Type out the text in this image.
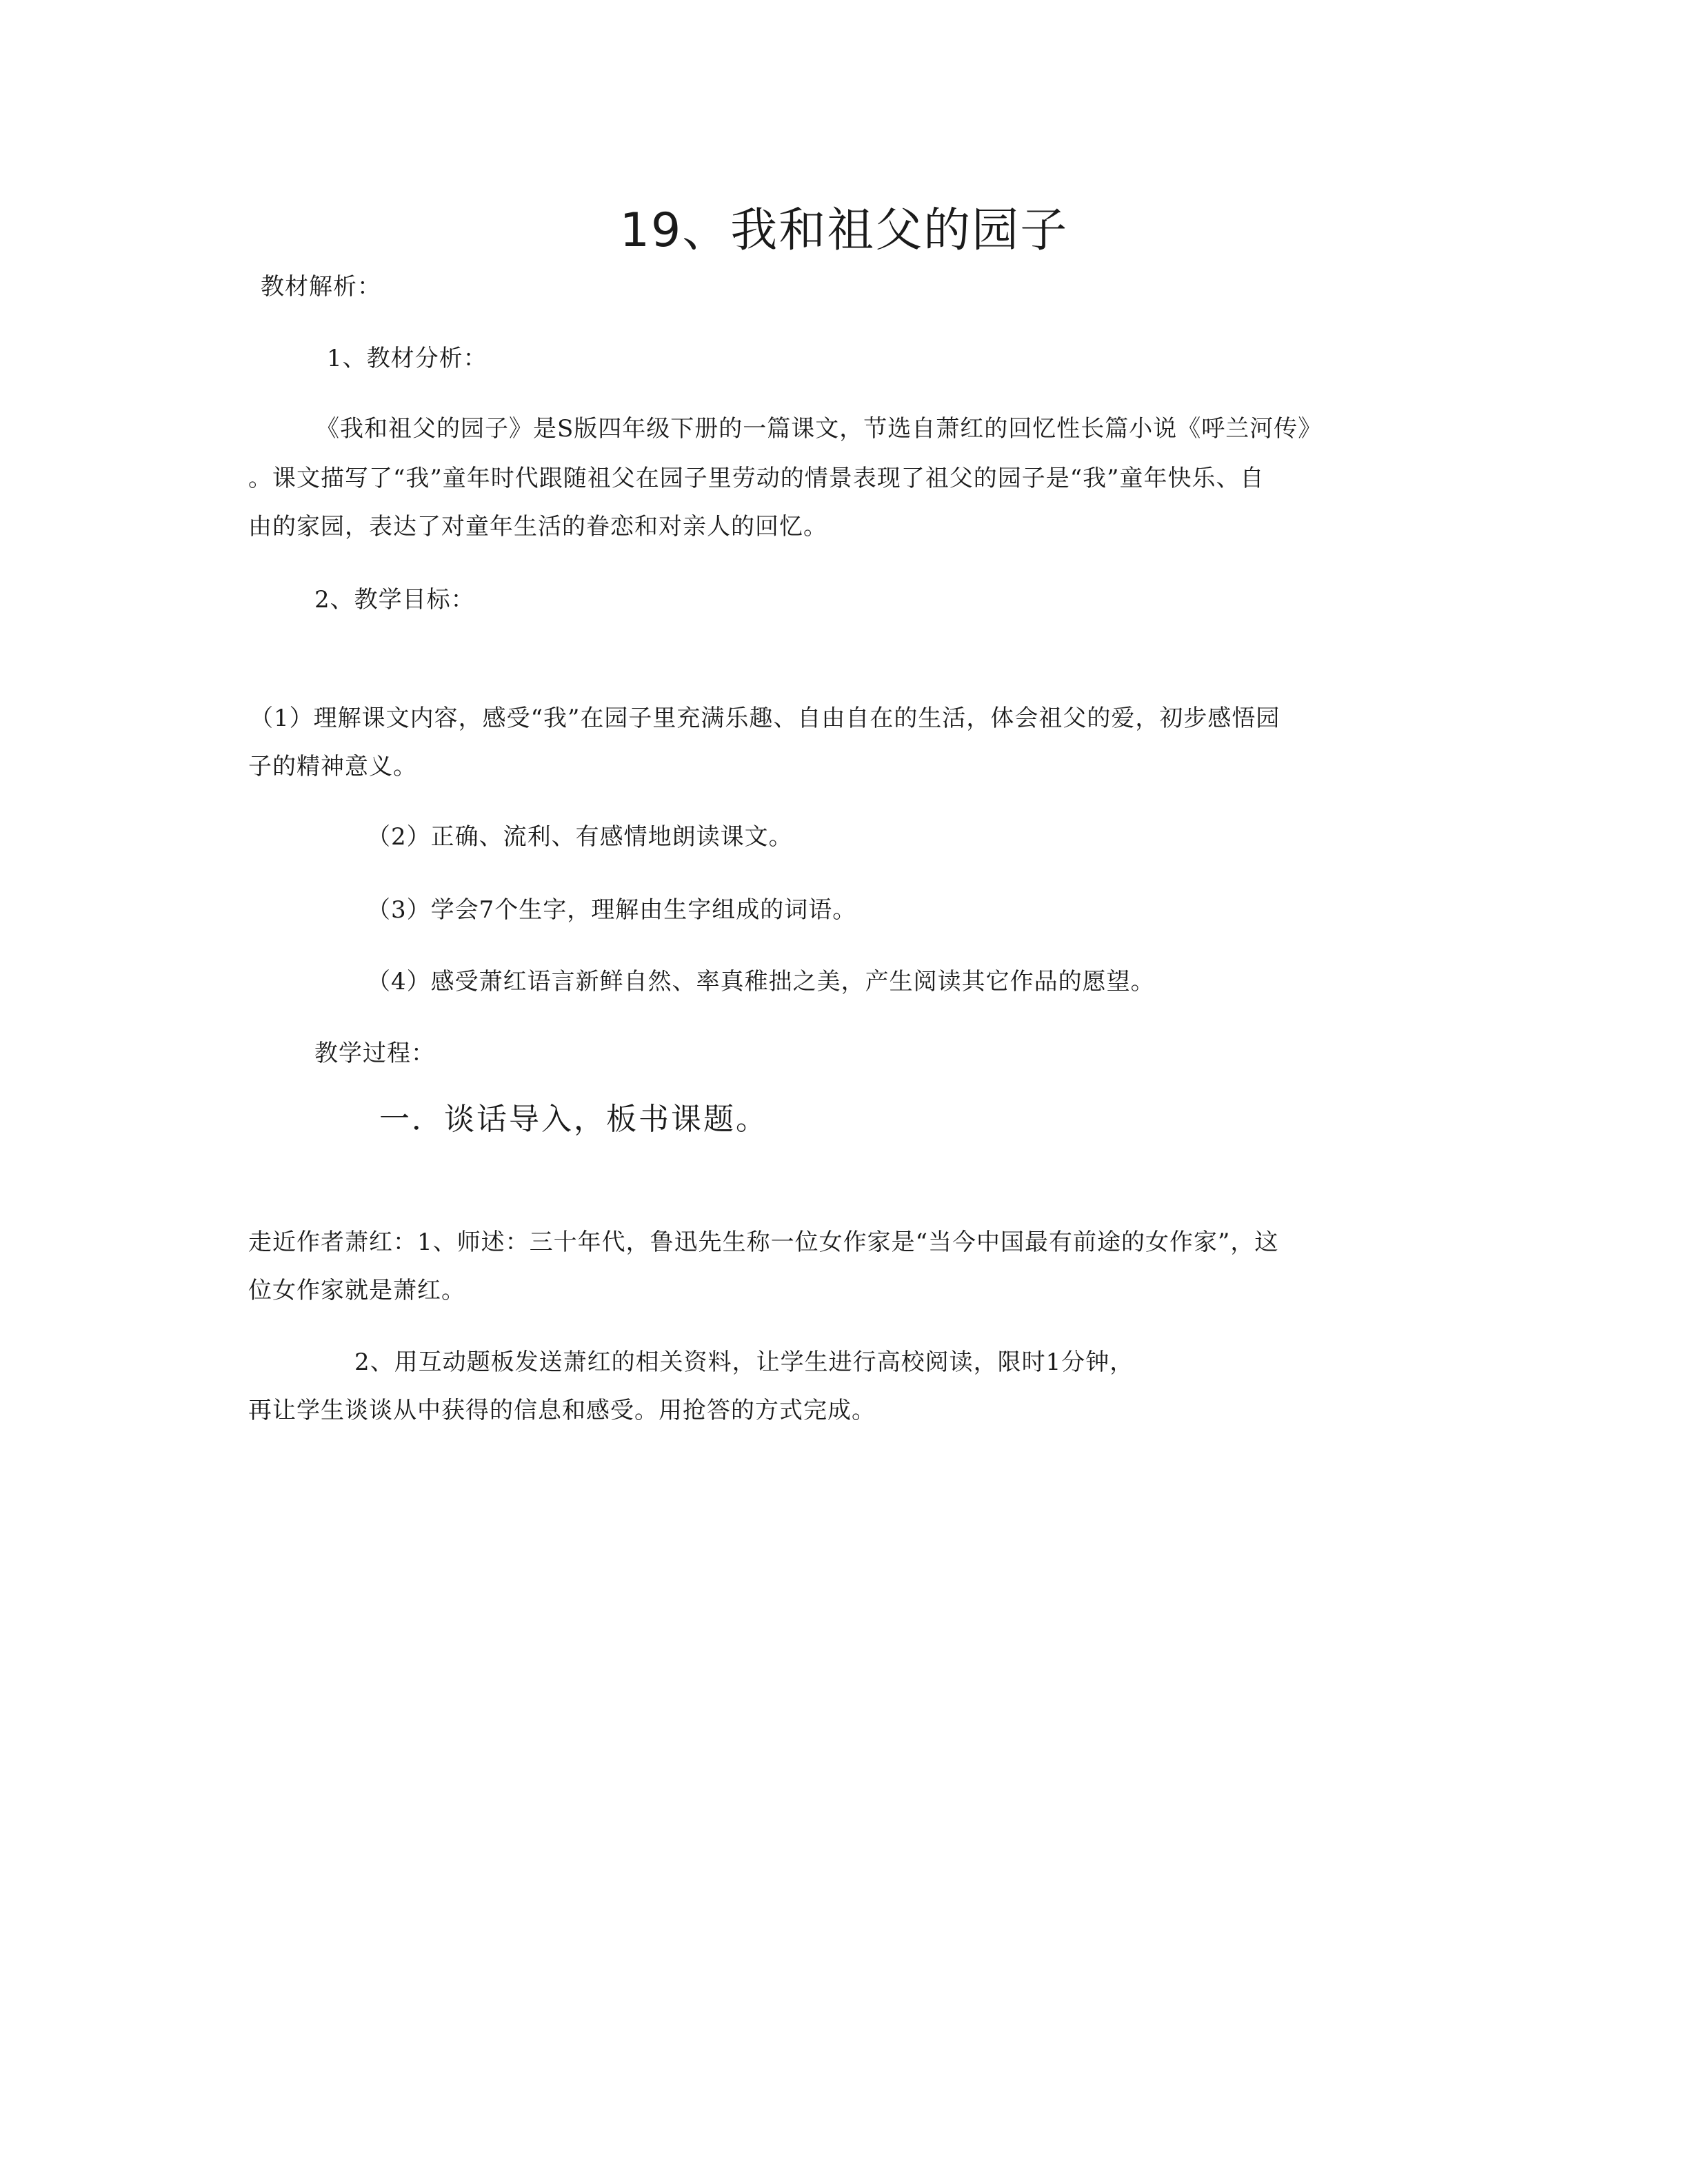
19、我和祖父的园子
教材解析：
1、教材分析：
《我和祖父的园子》是S版四年级下册的一篇课文，节选自萧红的回忆性长篇小说《呼兰河传》
。课文描写了“我”童年时代跟随祖父在园子里劳动的情景表现了祖父的园子是“我”童年快乐、自
由的家园，表达了对童年生活的眷恋和对亲人的回忆。
2、教学目标：
（1）理解课文内容，感受“我”在园子里充满乐趣、自由自在的生活，体会祖父的爱，初步感悟园
子的精神意义。
（2）正确、流利、有感情地朗读课文。
（3）学会7个生字，理解由生字组成的词语。
（4）感受萧红语言新鲜自然、率真稚拙之美，产生阅读其它作品的愿望。
教学过程：
一．谈话导入，板书课题。
走近作者萧红：1、师述：三十年代，鲁迅先生称一位女作家是“当今中国最有前途的女作家”，这
位女作家就是萧红。
2、用互动题板发送萧红的相关资料，让学生进行高校阅读，限时1分钟，
再让学生谈谈从中获得的信息和感受。用抢答的方式完成。
